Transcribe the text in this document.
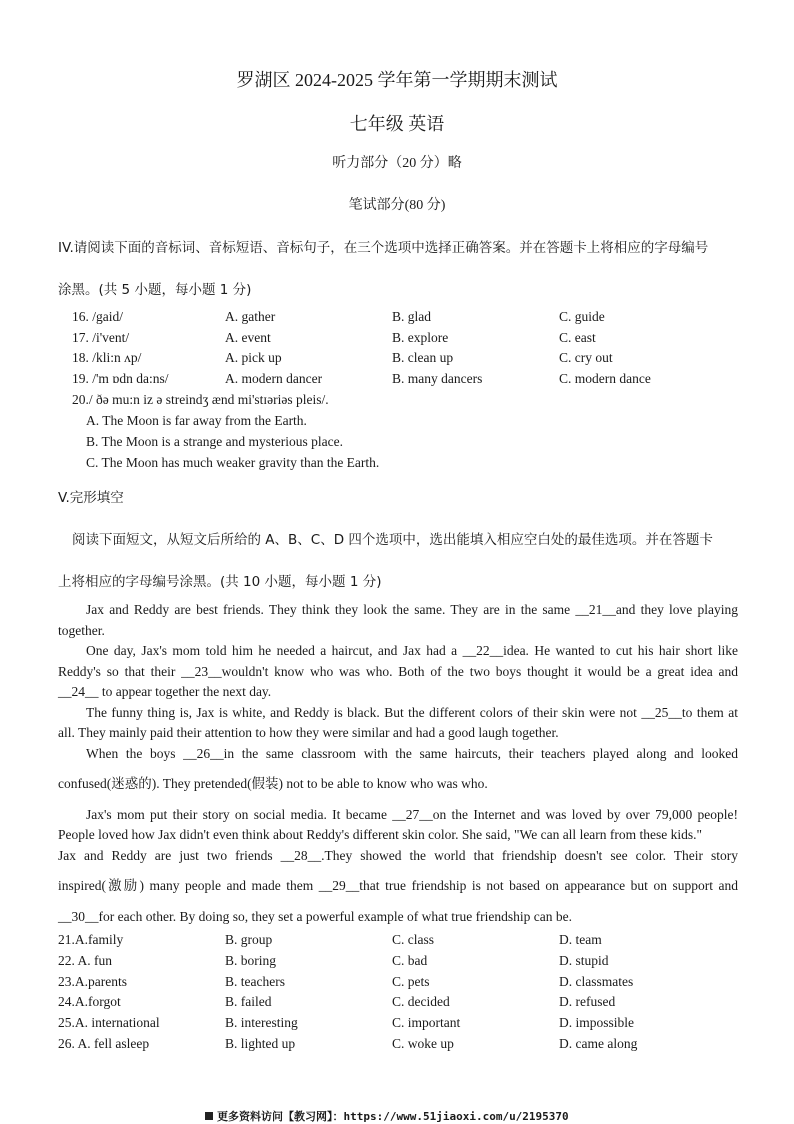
罗湖区 2024-2025 学年第一学期期末测试
七年级 英语
听力部分（20 分）略
笔试部分(80 分)
IV.请阅读下面的音标词、音标短语、音标句子，在三个选项中选择正确答案。并在答题卡上将相应的字母编号
涂黑。(共 5 小题，每小题 1 分)
16. /gaid/	A. gather	B. glad	C. guide
17. /i'vent/	A. event	B. explore	C. east
18. /kli:n ʌp/	A. pick up	B. clean up	C. cry out
19. /'m ɒdn da:ns/	A. modern dancer	B. many dancers	C. modern dance
20./ ðə mu:n iz ə streindʒ ænd mi'stɪəriəs pleis/.
A. The Moon is far away from the Earth.
B. The Moon is a strange and mysterious place.
C. The Moon has much weaker gravity than the Earth.
V.完形填空
阅读下面短文，从短文后所给的 A、B、C、D 四个选项中，选出能填入相应空白处的最佳选项。并在答题卡
上将相应的字母编号涂黑。(共 10 小题，每小题 1 分)
Jax and Reddy are best friends. They think they look the same. They are in the same __21__and they love playing
together.
One day, Jax's mom told him he needed a haircut, and Jax had a __22__idea. He wanted to cut his hair short like
Reddy's so that their __23__wouldn't know who was who. Both of the two boys thought it would be a great idea and
__24__ to appear together the next day.
The funny thing is, Jax is white, and Reddy is black. But the different colors of their skin were not __25__to them at
all. They mainly paid their attention to how they were similar and had a good laugh together.
When the boys __26__in the same classroom with the same haircuts, their teachers played along and looked
confused(迷惑的). They pretended(假装) not to be able to know who was who.
Jax's mom put their story on social media. It became __27__on the Internet and was loved by over 79,000 people!
People loved how Jax didn't even think about Reddy's different skin color. She said, "We can all learn from these kids."
Jax and Reddy are just two friends __28__.They showed the world that friendship doesn't see color. Their story
inspired(激励) many people and made them __29__that true friendship is not based on appearance but on support and
__30__for each other. By doing so, they set a powerful example of what true friendship can be.
21.A.family	B. group	C. class	D. team
22. A. fun	B. boring	C. bad	D. stupid
23.A.parents	B. teachers	C. pets	D. classmates
24.A.forgot	B. failed	C. decided	D. refused
25.A. international	B. interesting	C. important	D. impossible
26. A. fell asleep	B. lighted up	C. woke up	D. came along
更多资料访问【教习网】：https://www.51jiaoxi.com/u/2195370
